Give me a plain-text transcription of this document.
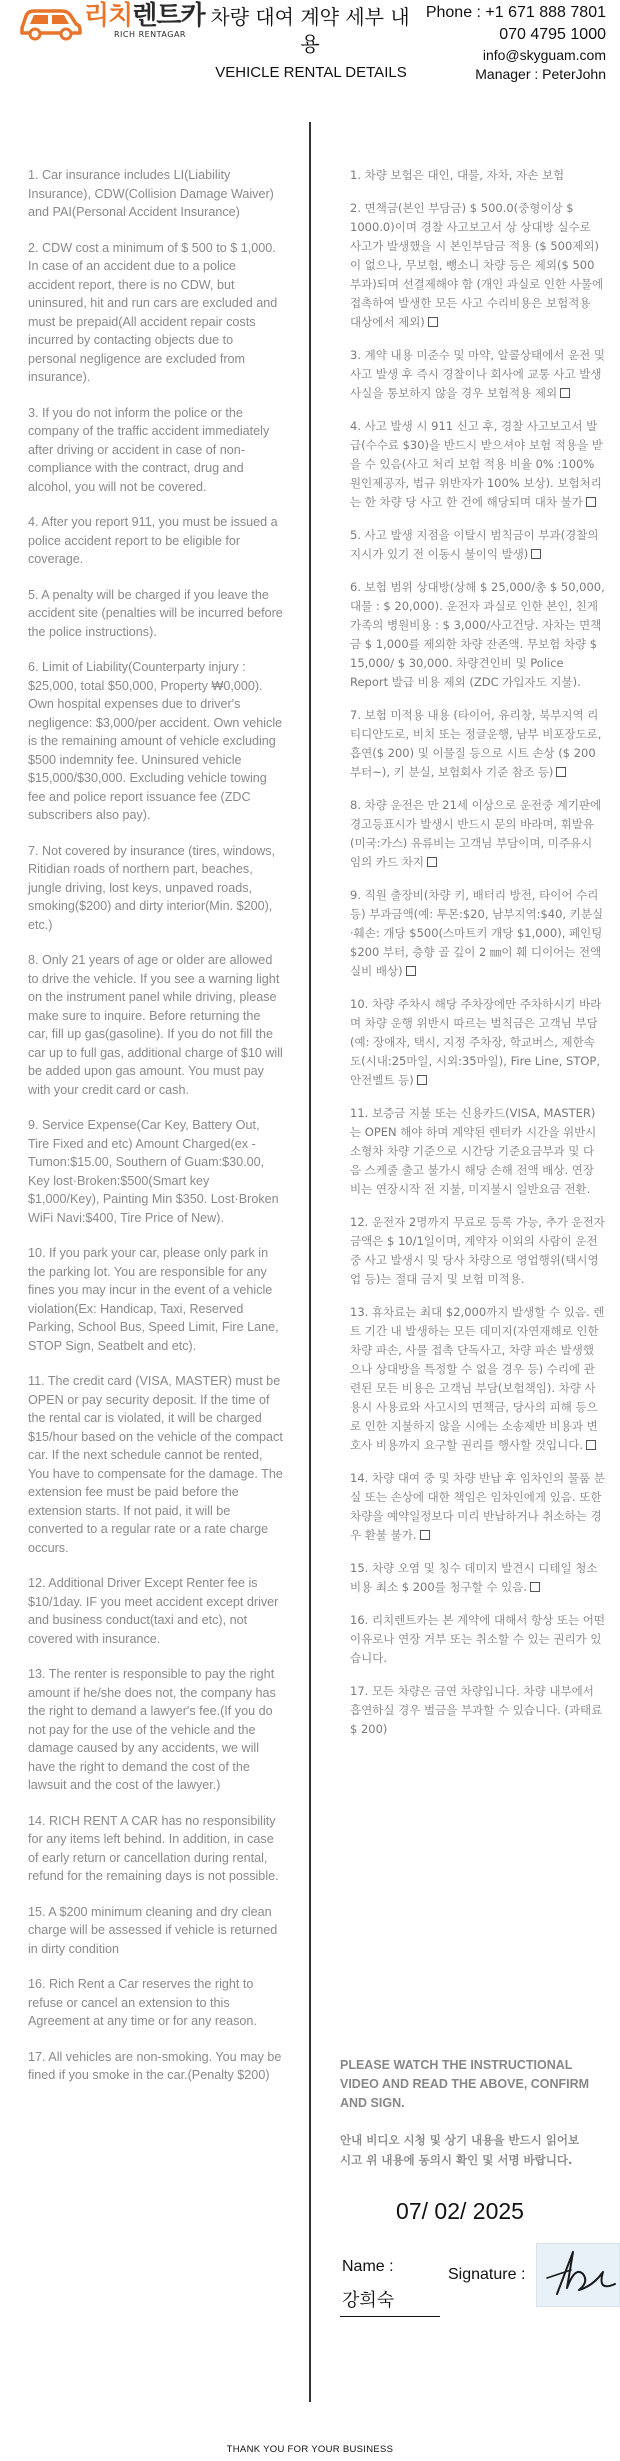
리치렌트카
RICH RENTAGAR
차량 대여 계약 세부 내용
VEHICLE RENTAL DETAILS
Phone : +1 671 888 7801
070 4795 1000
info@skyguam.com
Manager : PeterJohn

1. Car insurance includes LI(Liability Insurance), CDW(Collision Damage Waiver) and PAI(Personal Accident Insurance)

2. CDW cost a minimum of $ 500 to $ 1,000. In case of an accident due to a police accident report, there is no CDW, but uninsured, hit and run cars are excluded and must be prepaid(All accident repair costs incurred by contacting objects due to personal negligence are excluded from insurance).

3. If you do not inform the police or the company of the traffic accident immediately after driving or accident in case of non-compliance with the contract, drug and alcohol, you will not be covered.

4. After you report 911, you must be issued a police accident report to be eligible for coverage.

5. A penalty will be charged if you leave the accident site (penalties will be incurred before the police instructions).

6. Limit of Liability(Counterparty injury : $25,000, total $50,000, Property ₩0,000). Own hospital expenses due to driver's negligence: $3,000/per accident. Own vehicle is the remaining amount of vehicle excluding $500 indemnity fee. Uninsured vehicle $15,000/$30,000. Excluding vehicle towing fee and police report issuance fee (ZDC subscribers also pay).

7. Not covered by insurance (tires, windows, Ritidian roads of northern part, beaches, jungle driving, lost keys, unpaved roads, smoking($200) and dirty interior(Min. $200), etc.)

8. Only 21 years of age or older are allowed to drive the vehicle. If you see a warning light on the instrument panel while driving, please make sure to inquire. Before returning the car, fill up gas(gasoline). If you do not fill the car up to full gas, additional charge of $10 will be added upon gas amount. You must pay with your credit card or cash.

9. Service Expense(Car Key, Battery Out, Tire Fixed and etc) Amount Charged(ex - Tumon:$15.00, Southern of Guam:$30.00, Key lost·Broken:$500(Smart key $1,000/Key), Painting Min $350. Lost·Broken WiFi Navi:$400, Tire Price of New).

10. If you park your car, please only park in the parking lot. You are responsible for any fines you may incur in the event of a vehicle violation(Ex: Handicap, Taxi, Reserved Parking, School Bus, Speed Limit, Fire Lane, STOP Sign, Seatbelt and etc).

11. The credit card (VISA, MASTER) must be OPEN or pay security deposit. If the time of the rental car is violated, it will be charged $15/hour based on the vehicle of the compact car. If the next schedule cannot be rented, You have to compensate for the damage. The extension fee must be paid before the extension starts. If not paid, it will be converted to a regular rate or a rate charge occurs.

12. Additional Driver Except Renter fee is $10/1day. IF you meet accident except driver and business conduct(taxi and etc), not covered with insurance.

13. The renter is responsible to pay the right amount if he/she does not, the company has the right to demand a lawyer's fee.(If you do not pay for the use of the vehicle and the damage caused by any accidents, we will have the right to demand the cost of the lawsuit and the cost of the lawyer.)

14. RICH RENT A CAR has no responsibility for any items left behind. In addition, in case of early return or cancellation during rental, refund for the remaining days is not possible.

15. A $200 minimum cleaning and dry clean charge will be assessed if vehicle is returned in dirty condition

16. Rich Rent a Car reserves the right to refuse or cancel an extension to this Agreement at any time or for any reason.

17. All vehicles are non-smoking. You may be fined if you smoke in the car.(Penalty $200)

1. 차량 보험은 대인, 대물, 자차, 자손 보험

2. 면책금(본인 부담금) $ 500.0(중형이상 $ 1000.0)이며 경찰 사고보고서 상 상대방 실수로 사고가 발생했을 시 본인부담금 적용 ($ 500제외)이 없으나, 무보험, 뺑소니 차량 등은 제외($ 500 부과)되며 선결제해야 함 (개인 과실로 인한 사물에 접촉하여 발생한 모든 사고 수리비용은 보험적용 대상에서 제외)

3. 계약 내용 미준수 및 마약, 알콜상태에서 운전 및 사고 발생 후 즉시 경찰이나 회사에 교통 사고 발생 사실을 통보하지 않을 경우 보험적용 제외

4. 사고 발생 시 911 신고 후, 경찰 사고보고서 발급(수수료 $30)을 반드시 받으셔야 보험 적용을 받을 수 있음(사고 처리 보험 적용 비율 0% :100% 원인제공자, 법규 위반자가 100% 보상). 보험처리는 한 차량 당 사고 한 건에 해당되며 대차 불가

5. 사고 발생 지점을 이탈시 범칙금이 부과(경찰의 지시가 있기 전 이동시 불이익 발생)

6. 보험 범위 상대방(상해 $ 25,000/총 $ 50,000, 대물 : $ 20,000). 운전자 과실로 인한 본인, 친게 가족의 병원비용 : $ 3,000/사고건당. 자차는 면책금 $ 1,000를 제외한 차량 잔존액. 무보험 차량 $ 15,000/ $ 30,000. 차량견인비 및 Police Report 발급 비용 제외 (ZDC 가입자도 지불).

7. 보험 미적용 내용 (타이어, 유리창, 북부지역 리티디안도로, 비치 또는 정글운행, 남부 비포장도로, 흡연($ 200) 및 이물질 등으로 시트 손상 ($ 200부터~), 키 분실, 보험회사 기준 참조 등)

8. 차량 운전은 만 21세 이상으로 운전중 계기판에 경고등표시가 발생시 반드시 문의 바라며, 휘발유(미국:가스) 유류비는 고객님 부담이며, 미주유시 임의 카드 차지

9. 직원 출장비(차량 키, 배터리 방전, 타이어 수리등) 부과금액(예: 투몬:$20, 남부지역:$40, 키분실·훼손: 개당 $500(스마트키 개당 $1,000), 페인팅 $200 부터, 층향 골 깊이 2 ㎜이 훼 디이어는 전액 실비 배상)

10. 차량 주차시 해당 주차장에만 주차하시기 바라며 차량 운행 위반시 따르는 벌칙금은 고객님 부담 (예: 장애자, 택시, 지정 주차장, 학교버스, 제한속도(시내:25마일, 시외:35마일), Fire Line, STOP, 안전벨트 등)

11. 보증금 지불 또는 신용카드(VISA, MASTER)는 OPEN 해야 하며 계약된 렌터카 시간을 위반시 소형차 차량 기준으로 시간당 기준요금부과 및 다음 스케줄 출고 불가시 해당 손해 전액 배상. 연장비는 연장시작 전 지불, 미지불시 일반요금 전환.

12. 운전자 2명까지 무료로 등록 가능, 추가 운전자 금액은 $ 10/1일이며, 계약자 이외의 사람이 운전중 사고 발생시 및 당사 차량으로 영업행위(택시영업 등)는 절대 금지 및 보험 미적용.

13. 휴차료는 최대 $2,000까지 발생할 수 있음. 렌트 기간 내 발생하는 모든 데미지(자연재해로 인한 차량 파손, 사물 접촉 단독사고, 차량 파손 발생했으나 상대방을 특정할 수 없을 경우 등) 수리에 관련된 모든 비용은 고객님 부담(보험책임). 차량 사용시 사용료와 사고시의 면책금, 당사의 피해 등으로 인한 지불하지 않을 시에는 소송제반 비용과 변호사 비용까지 요구할 권리를 행사할 것입니다.

14. 차량 대여 중 및 차량 반납 후 임차인의 물품 분실 또는 손상에 대한 책임은 임차인에게 있음. 또한 차량을 예약일정보다 미리 반납하거나 취소하는 경우 환불 불가.

15. 차량 오염 및 칭수 데미지 발견시 디테일 청소 비용 최소 $ 200를 청구할 수 있음.

16. 리치렌트카는 본 계약에 대해서 항상 또는 어떤 이유로나 연장 거부 또는 취소할 수 있는 권리가 있습니다.

17. 모든 차량은 금연 차량입니다. 차량 내부에서 흡연하실 경우 벌금을 부과할 수 있습니다. (과태료 $ 200)

PLEASE WATCH THE INSTRUCTIONAL VIDEO AND READ THE ABOVE, CONFIRM AND SIGN.
안내 비디오 시청 및 상기 내용을 반드시 읽어보시고 위 내용에 동의시 확인 및 서명 바랍니다.
07/ 02/ 2025
Name :
강희숙
Signature :
THANK YOU FOR YOUR BUSINESS
